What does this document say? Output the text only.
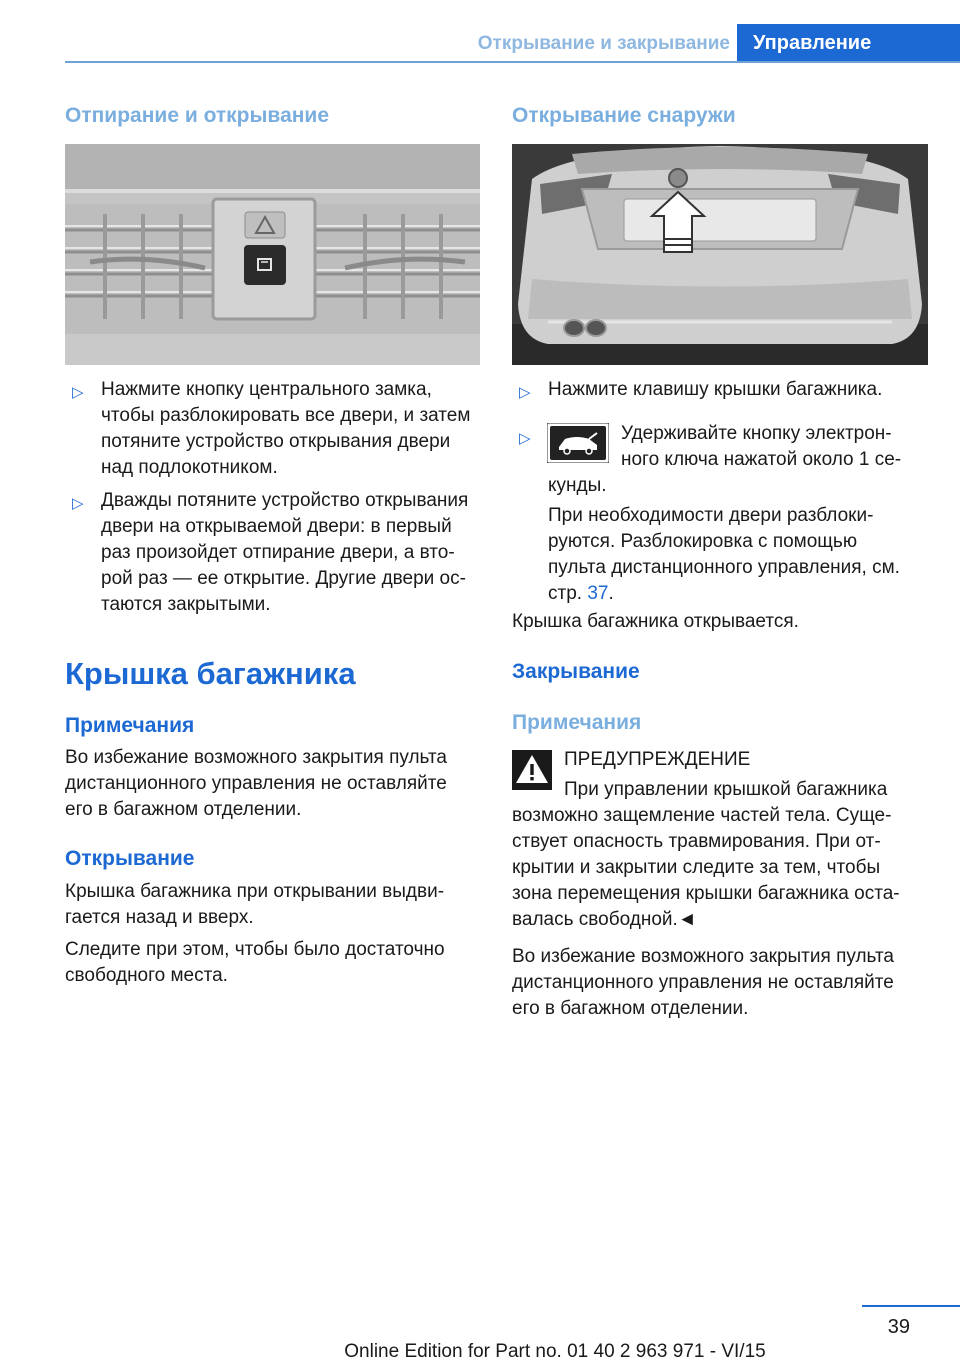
Открывание и закрывание	Управление
Отпирание и открывание
▷ Нажмите кнопку центрального замка,
чтобы разблокировать все двери, и затем
потяните устройство открывания двери
над подлокотником.
▷ Дважды потяните устройство открывания
двери на открываемой двери: в первый
раз произойдет отпирание двери, а вто‐
рой раз — ее открытие. Другие двери ос‐
таются закрытыми.
Крышка багажника
Примечания
Во избежание возможного закрытия пульта
дистанционного управления не оставляйте
его в багажном отделении.
Открывание
Крышка багажника при открывании выдви‐
гается назад и вверх.
Следите при этом, чтобы было достаточно
свободного места.
Открывание снаружи
▷ Нажмите клавишу крышки багажника.
▷	Удерживайте кнопку электрон‐
ного ключа нажатой около 1 се‐
кунды.
При необходимости двери разблоки‐
руются. Разблокировка с помощью
пульта дистанционного управления, см.
стр. 37.
Крышка багажника открывается.
Закрывание
Примечания
ПРЕДУПРЕЖДЕНИЕ
При управлении крышкой багажника
возможно защемление частей тела. Суще‐
ствует опасность травмирования. При от‐
крытии и закрытии следите за тем, чтобы
зона перемещения крышки багажника оста‐
валась свободной.◄
Во избежание возможного закрытия пульта
дистанционного управления не оставляйте
его в багажном отделении.
39
Online Edition for Part no. 01 40 2 963 971 - VI/15
